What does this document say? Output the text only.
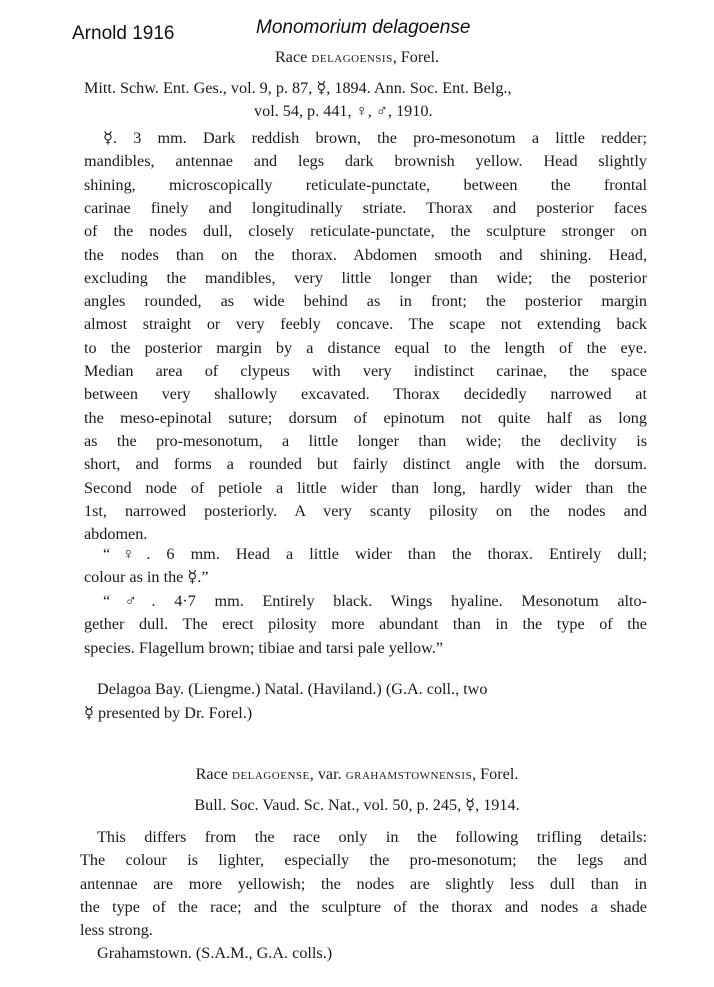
Arnold 1916	Monomorium delagoense
Race delagoensis, Forel.
Mitt. Schw. Ent. Ges., vol. 9, p. 87, ☿, 1894. Ann. Soc. Ent. Belg.,
vol. 54, p. 441, ♀, ♂, 1910.
☿. 3 mm. Dark reddish brown, the pro-mesonotum a little redder;
mandibles, antennae and legs dark brownish yellow. Head slightly
shining, microscopically reticulate-punctate, between the frontal
carinae finely and longitudinally striate. Thorax and posterior faces
of the nodes dull, closely reticulate-punctate, the sculpture stronger on
the nodes than on the thorax. Abdomen smooth and shining. Head,
excluding the mandibles, very little longer than wide; the posterior
angles rounded, as wide behind as in front; the posterior margin
almost straight or very feebly concave. The scape not extending back
to the posterior margin by a distance equal to the length of the eye.
Median area of clypeus with very indistinct carinae, the space
between very shallowly excavated. Thorax decidedly narrowed at
the meso-epinotal suture; dorsum of epinotum not quite half as long
as the pro-mesonotum, a little longer than wide; the declivity is
short, and forms a rounded but fairly distinct angle with the dorsum.
Second node of petiole a little wider than long, hardly wider than the
1st, narrowed posteriorly. A very scanty pilosity on the nodes and
abdomen.
“♀. 6 mm. Head a little wider than the thorax. Entirely dull;
colour as in the ☿.”
“♂. 4·7 mm. Entirely black. Wings hyaline. Mesonotum alto-
gether dull. The erect pilosity more abundant than in the type of the
species. Flagellum brown; tibiae and tarsi pale yellow.”
Delagoa Bay. (Liengme.) Natal. (Haviland.) (G.A. coll., two
☿ presented by Dr. Forel.)
Race delagoense, var. grahamstownensis, Forel.
Bull. Soc. Vaud. Sc. Nat., vol. 50, p. 245, ☿, 1914.
This differs from the race only in the following trifling details:
The colour is lighter, especially the pro-mesonotum; the legs and
antennae are more yellowish; the nodes are slightly less dull than in
the type of the race; and the sculpture of the thorax and nodes a shade
less strong.
Grahamstown. (S.A.M., G.A. colls.)
